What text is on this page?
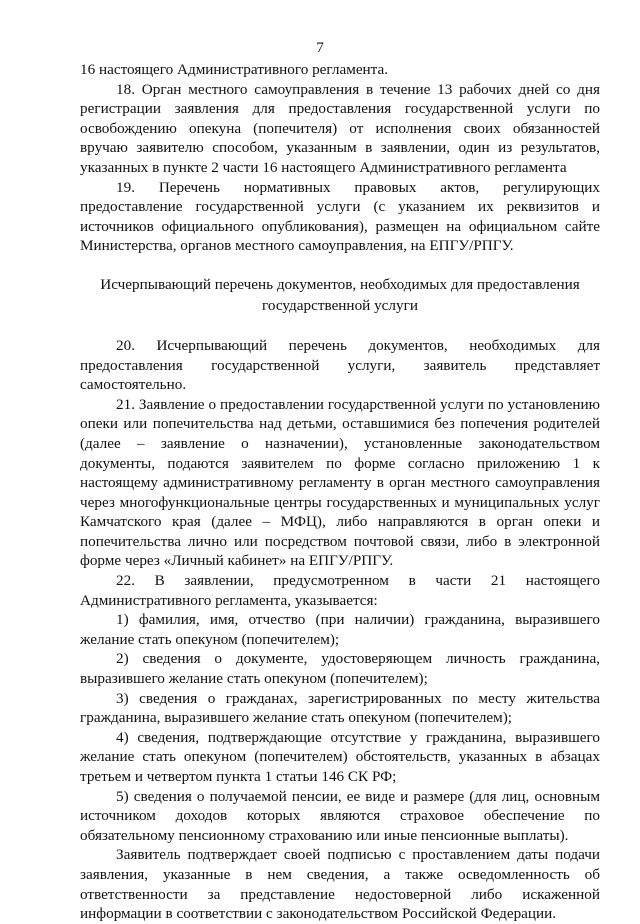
7

16 настоящего Административного регламента.

18. Орган местного самоуправления в течение 13 рабочих дней со дня регистрации заявления для предоставления государственной услуги по освобождению опекуна (попечителя) от исполнения своих обязанностей вручаю заявителю способом, указанным в заявлении, один из результатов, указанных в пункте 2 части 16 настоящего Административного регламента

19. Перечень нормативных правовых актов, регулирующих предоставление государственной услуги (с указанием их реквизитов и источников официального опубликования), размещен на официальном сайте Министерства, органов местного самоуправления, на ЕПГУ/РПГУ.

Исчерпывающий перечень документов, необходимых для предоставления государственной услуги

20. Исчерпывающий перечень документов, необходимых для предоставления государственной услуги, заявитель представляет самостоятельно.

21. Заявление о предоставлении государственной услуги по установлению опеки или попечительства над детьми, оставшимися без попечения родителей (далее – заявление о назначении), установленные законодательством документы, подаются заявителем по форме согласно приложению 1 к настоящему административному регламенту в орган местного самоуправления через многофункциональные центры государственных и муниципальных услуг Камчатского края (далее – МФЦ), либо направляются в орган опеки и попечительства лично или посредством почтовой связи, либо в электронной форме через «Личный кабинет» на ЕПГУ/РПГУ.

22. В заявлении, предусмотренном в части 21 настоящего Административного регламента, указывается:

1) фамилия, имя, отчество (при наличии) гражданина, выразившего желание стать опекуном (попечителем);

2) сведения о документе, удостоверяющем личность гражданина, выразившего желание стать опекуном (попечителем);

3) сведения о гражданах, зарегистрированных по месту жительства гражданина, выразившего желание стать опекуном (попечителем);

4) сведения, подтверждающие отсутствие у гражданина, выразившего желание стать опекуном (попечителем) обстоятельств, указанных в абзацах третьем и четвертом пункта 1 статьи 146 СК РФ;

5) сведения о получаемой пенсии, ее виде и размере (для лиц, основным источником доходов которых являются страховое обеспечение по обязательному пенсионному страхованию или иные пенсионные выплаты).

Заявитель подтверждает своей подписью с проставлением даты подачи заявления, указанные в нем сведения, а также осведомленность об ответственности за представление недостоверной либо искаженной информации в соответствии с законодательством Российской Федерации.
